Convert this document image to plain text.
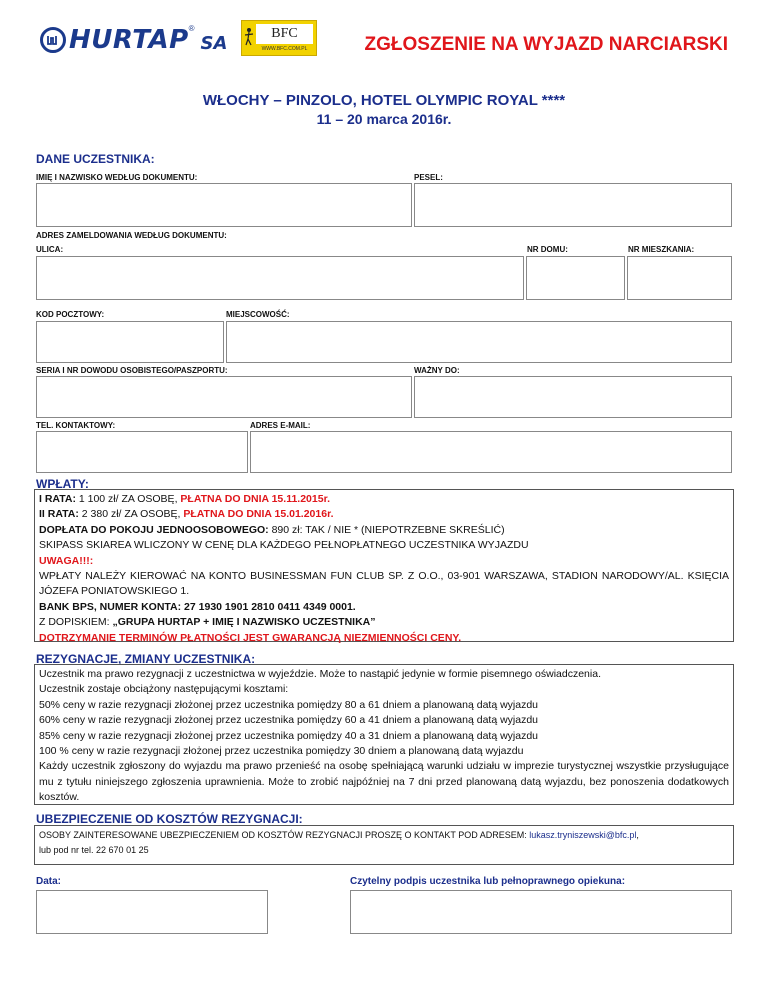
HURTAP ®
SA	BFC
WWW.BFC.COM.PL	ZGŁOSZENIE NA WYJAZD NARCIARSKI
WŁOCHY – PINZOLO, HOTEL OLYMPIC ROYAL ****
11 – 20 marca 2016r.
DANE UCZESTNIKA:
IMIĘ I NAZWISKO WEDŁUG DOKUMENTU:	PESEL:
ADRES ZAMELDOWANIA WEDŁUG DOKUMENTU:
ULICA:	NR DOMU:	NR MIESZKANIA:
KOD POCZTOWY:	MIEJSCOWOŚĆ:
SERIA I NR DOWODU OSOBISTEGO/PASZPORTU:	WAŻNY DO:
TEL. KONTAKTOWY:	ADRES E-MAIL:
WPŁATY:
I RATA: 1 100 zł/ ZA OSOBĘ, PŁATNA DO DNIA 15.11.2015r.
II RATA: 2 380 zł/ ZA OSOBĘ, PŁATNA DO DNIA 15.01.2016r.
DOPŁATA DO POKOJU JEDNOOSOBOWEGO: 890 zł: TAK / NIE * (NIEPOTRZEBNE SKREŚLIĆ)
SKIPASS SKIAREA WLICZONY W CENĘ DLA KAŻDEGO PEŁNOPŁATNEGO UCZESTNIKA WYJAZDU
UWAGA!!!:
WPŁATY NALEŻY KIEROWAĆ NA KONTO BUSINESSMAN FUN CLUB SP. Z O.O., 03-901 WARSZAWA, STADION NARODOWY/AL. KSIĘCIA JÓZEFA PONIATOWSKIEGO 1.
BANK BPS, NUMER KONTA: 27 1930 1901 2810 0411 4349 0001.
Z DOPISKIEM: „GRUPA HURTAP + IMIĘ I NAZWISKO UCZESTNIKA”
DOTRZYMANIE TERMINÓW PŁATNOŚCI JEST GWARANCJĄ NIEZMIENNOŚCI CENY.
REZYGNACJE, ZMIANY UCZESTNIKA:
Uczestnik ma prawo rezygnacji z uczestnictwa w wyjeździe. Może to nastąpić jedynie w formie pisemnego oświadczenia.
Uczestnik zostaje obciążony następującymi kosztami:
50% ceny w razie rezygnacji złożonej przez uczestnika pomiędzy 80 a 61 dniem a planowaną datą wyjazdu
60% ceny w razie rezygnacji złożonej przez uczestnika pomiędzy 60 a 41 dniem a planowaną datą wyjazdu
85% ceny w razie rezygnacji złożonej przez uczestnika pomiędzy 40 a 31 dniem a planowaną datą wyjazdu
100 % ceny w razie rezygnacji złożonej przez uczestnika pomiędzy 30 dniem a planowaną datą wyjazdu
Każdy uczestnik zgłoszony do wyjazdu ma prawo przenieść na osobę spełniającą warunki udziału w imprezie turystycznej wszystkie przysługujące mu z tytułu niniejszego zgłoszenia uprawnienia. Może to zrobić najpóźniej na 7 dni przed planowaną datą wyjazdu, bez ponoszenia dodatkowych kosztów.
UBEZPIECZENIE OD KOSZTÓW REZYGNACJI:
OSOBY ZAINTERESOWANE UBEZPIECZENIEM OD KOSZTÓW REZYGNACJI PROSZĘ O KONTAKT POD ADRESEM: lukasz.tryniszewski@bfc.pl,
lub pod nr tel. 22 670 01 25
Data:	Czytelny podpis uczestnika lub pełnoprawnego opiekuna:
